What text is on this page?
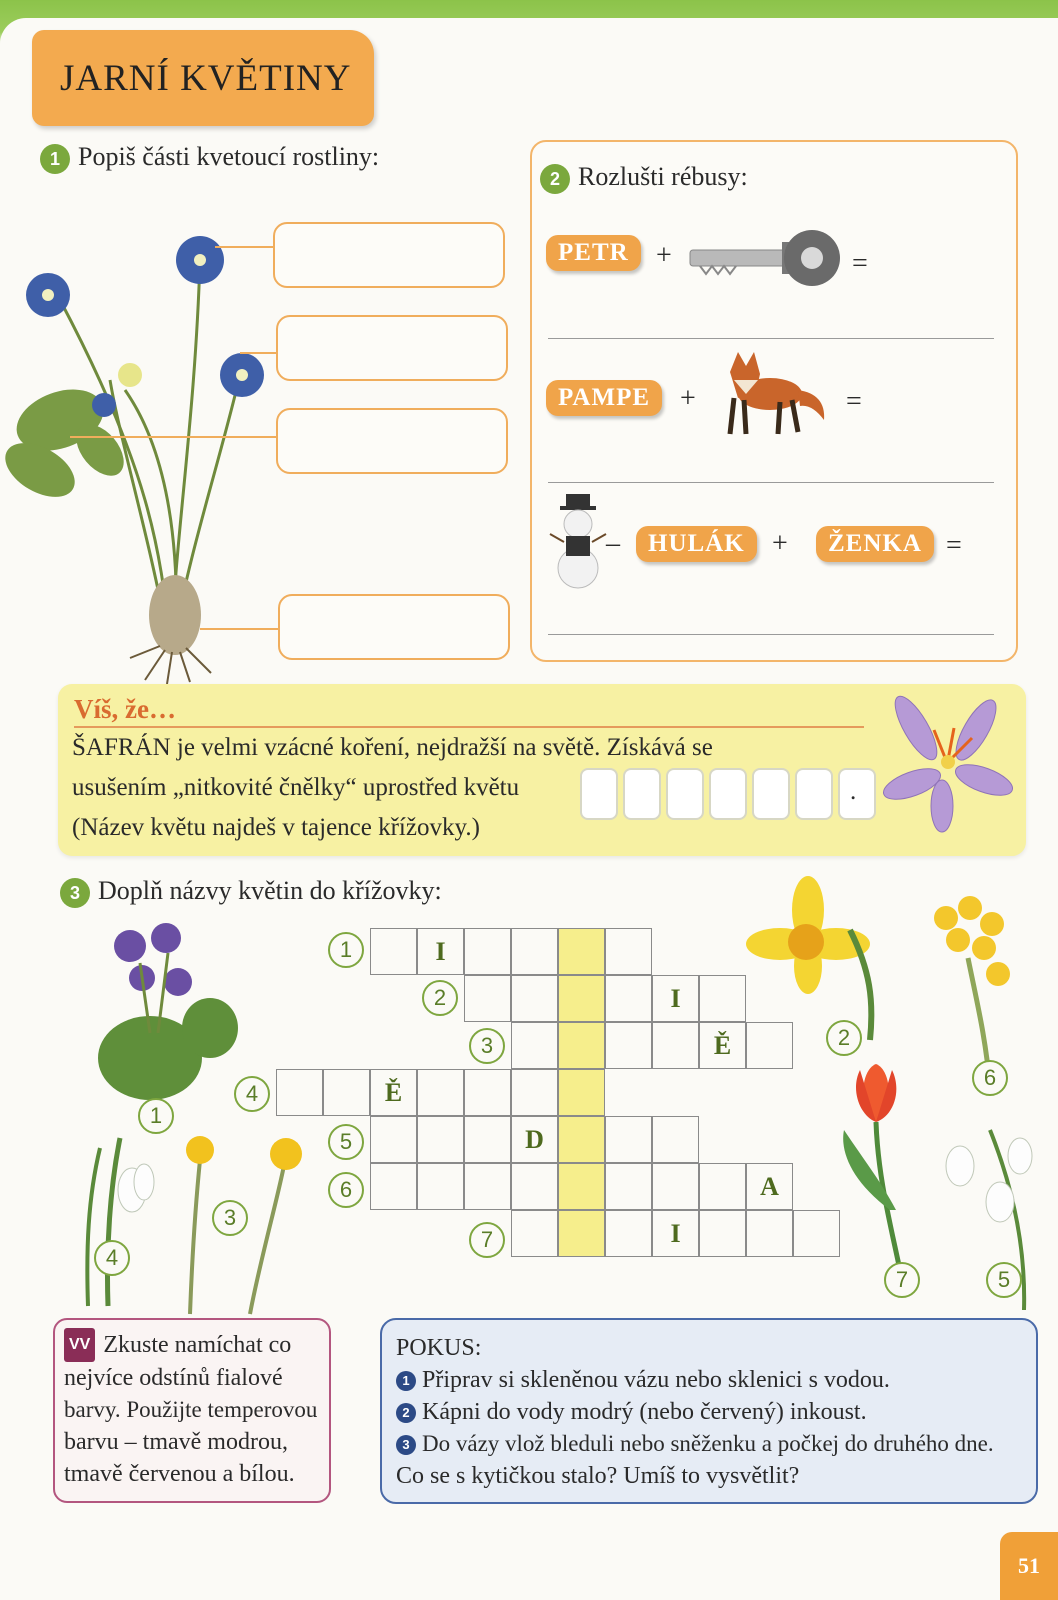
JARNÍ KVĚTINY
1 Popiš části kvetoucí rostliny:
2 Rozlušti rébusy:
PETR +	=
PAMPE	+	=
–	HULÁK +	ŽENKA =
Víš, že…
ŠAFRÁN je velmi vzácné koření, nejdražší na světě. Získává se
usušením „nitkovité čnělky“ uprostřed květu	.
(Název květu najdeš v tajence křížovky.)
3 Doplň názvy květin do křížovky:
1	I
2	I
3	Ě
4	Ě
5	D
6	A
7	I
1
3
4
2
6
7	5
VV Zkuste namíchat co
nejvíce odstínů fialové
barvy. Použijte temperovou
barvu – tmavě modrou,
tmavě červenou a bílou.
POKUS:
1 Připrav si skleněnou vázu nebo sklenici s vodou.
2 Kápni do vody modrý (nebo červený) inkoust.
3 Do vázy vlož bleduli nebo sněženku a počkej do druhého dne.
Co se s kytičkou stalo? Umíš to vysvětlit?
51
